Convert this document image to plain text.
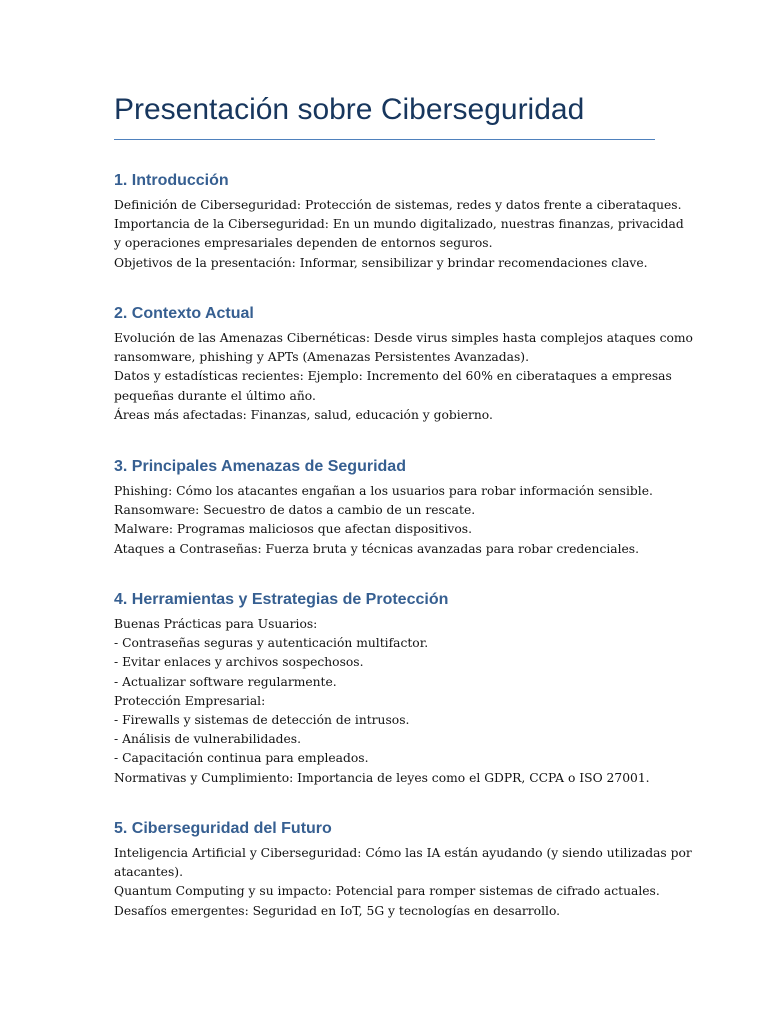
Presentación sobre Ciberseguridad
1. Introducción
Definición de Ciberseguridad: Protección de sistemas, redes y datos frente a ciberataques.
Importancia de la Ciberseguridad: En un mundo digitalizado, nuestras finanzas, privacidad
y operaciones empresariales dependen de entornos seguros.
Objetivos de la presentación: Informar, sensibilizar y brindar recomendaciones clave.
2. Contexto Actual
Evolución de las Amenazas Cibernéticas: Desde virus simples hasta complejos ataques como
ransomware, phishing y APTs (Amenazas Persistentes Avanzadas).
Datos y estadísticas recientes: Ejemplo: Incremento del 60% en ciberataques a empresas
pequeñas durante el último año.
Áreas más afectadas: Finanzas, salud, educación y gobierno.
3. Principales Amenazas de Seguridad
Phishing: Cómo los atacantes engañan a los usuarios para robar información sensible.
Ransomware: Secuestro de datos a cambio de un rescate.
Malware: Programas maliciosos que afectan dispositivos.
Ataques a Contraseñas: Fuerza bruta y técnicas avanzadas para robar credenciales.
4. Herramientas y Estrategias de Protección
Buenas Prácticas para Usuarios:
- Contraseñas seguras y autenticación multifactor.
- Evitar enlaces y archivos sospechosos.
- Actualizar software regularmente.
Protección Empresarial:
- Firewalls y sistemas de detección de intrusos.
- Análisis de vulnerabilidades.
- Capacitación continua para empleados.
Normativas y Cumplimiento: Importancia de leyes como el GDPR, CCPA o ISO 27001.
5. Ciberseguridad del Futuro
Inteligencia Artificial y Ciberseguridad: Cómo las IA están ayudando (y siendo utilizadas por
atacantes).
Quantum Computing y su impacto: Potencial para romper sistemas de cifrado actuales.
Desafíos emergentes: Seguridad en IoT, 5G y tecnologías en desarrollo.
